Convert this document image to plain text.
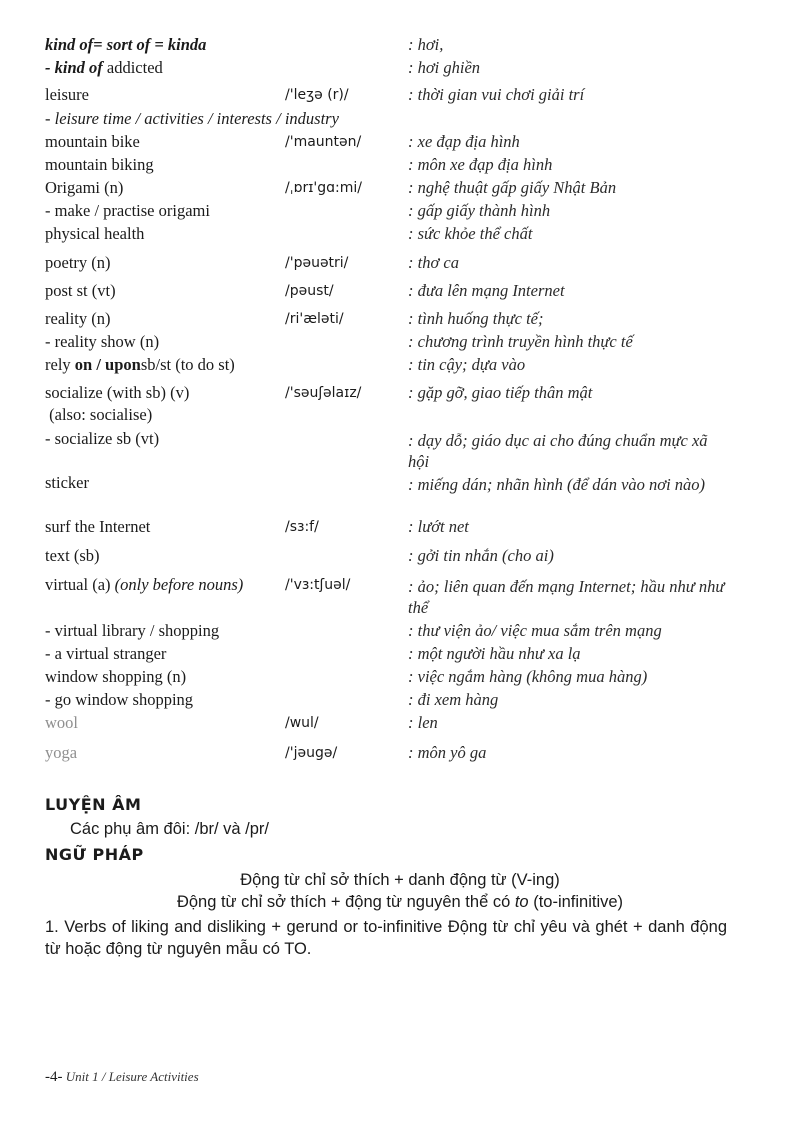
kind of= sort of = kinda	: hơi,
- kind of addicted	: hơi ghiền
leisure	/'leʒə (r)/	: thời gian vui chơi giải trí
- leisure time / activities / interests / industry
mountain bike	/'mauntən/	: xe đạp địa hình
mountain biking	: môn xe đạp địa hình
Origami (n)	/ˌɒrɪ'gɑ:mi/	: nghệ thuật gấp giấy Nhật Bản
- make / practise origami	: gấp giấy thành hình
physical health	: sức khỏe thể chất
poetry (n)	/'pəuətri/	: thơ ca
post st (vt)	/pəust/	: đưa lên mạng Internet
reality (n)	/ri'æləti/	: tình huống thực tế;
- reality show (n)	: chương trình truyền hình thực tế
rely on / uponsb/st (to do st)	: tin cậy; dựa vào
socialize (with sb) (v)	/'səuʃəlaɪz/	: gặp gỡ, giao tiếp thân mật
(also: socialise)
- socialize sb (vt)	: dạy dỗ; giáo dục ai cho đúng chuẩn mực xã hội
sticker	: miếng dán; nhãn hình (để dán vào nơi nào)
surf the Internet	/sɜ:f/	: lướt net
text (sb)	: gởi tin nhắn (cho ai)
virtual (a) (only before nouns)	/'vɜ:tʃuəl/	: ảo; liên quan đến mạng Internet; hầu như như thể
- virtual library / shopping	: thư viện ảo/ việc mua sắm trên mạng
- a virtual stranger	: một người hầu như xa lạ
window shopping (n)	: việc ngắm hàng (không mua hàng)
- go window shopping	: đi xem hàng
wool	/wul/	: len
yoga	/'jəugə/	: môn yô ga
LUYỆN ÂM
Các phụ âm đôi: /br/ và /pr/
NGỮ PHÁP
Động từ chỉ sở thích + danh động từ (V-ing)
Động từ chỉ sở thích + động từ nguyên thể có to (to-infinitive)
1. Verbs of liking and disliking + gerund or to-infinitive Động từ chỉ yêu và ghét + danh động từ hoặc động từ nguyên mẫu có TO.
-4- Unit 1 / Leisure Activities
